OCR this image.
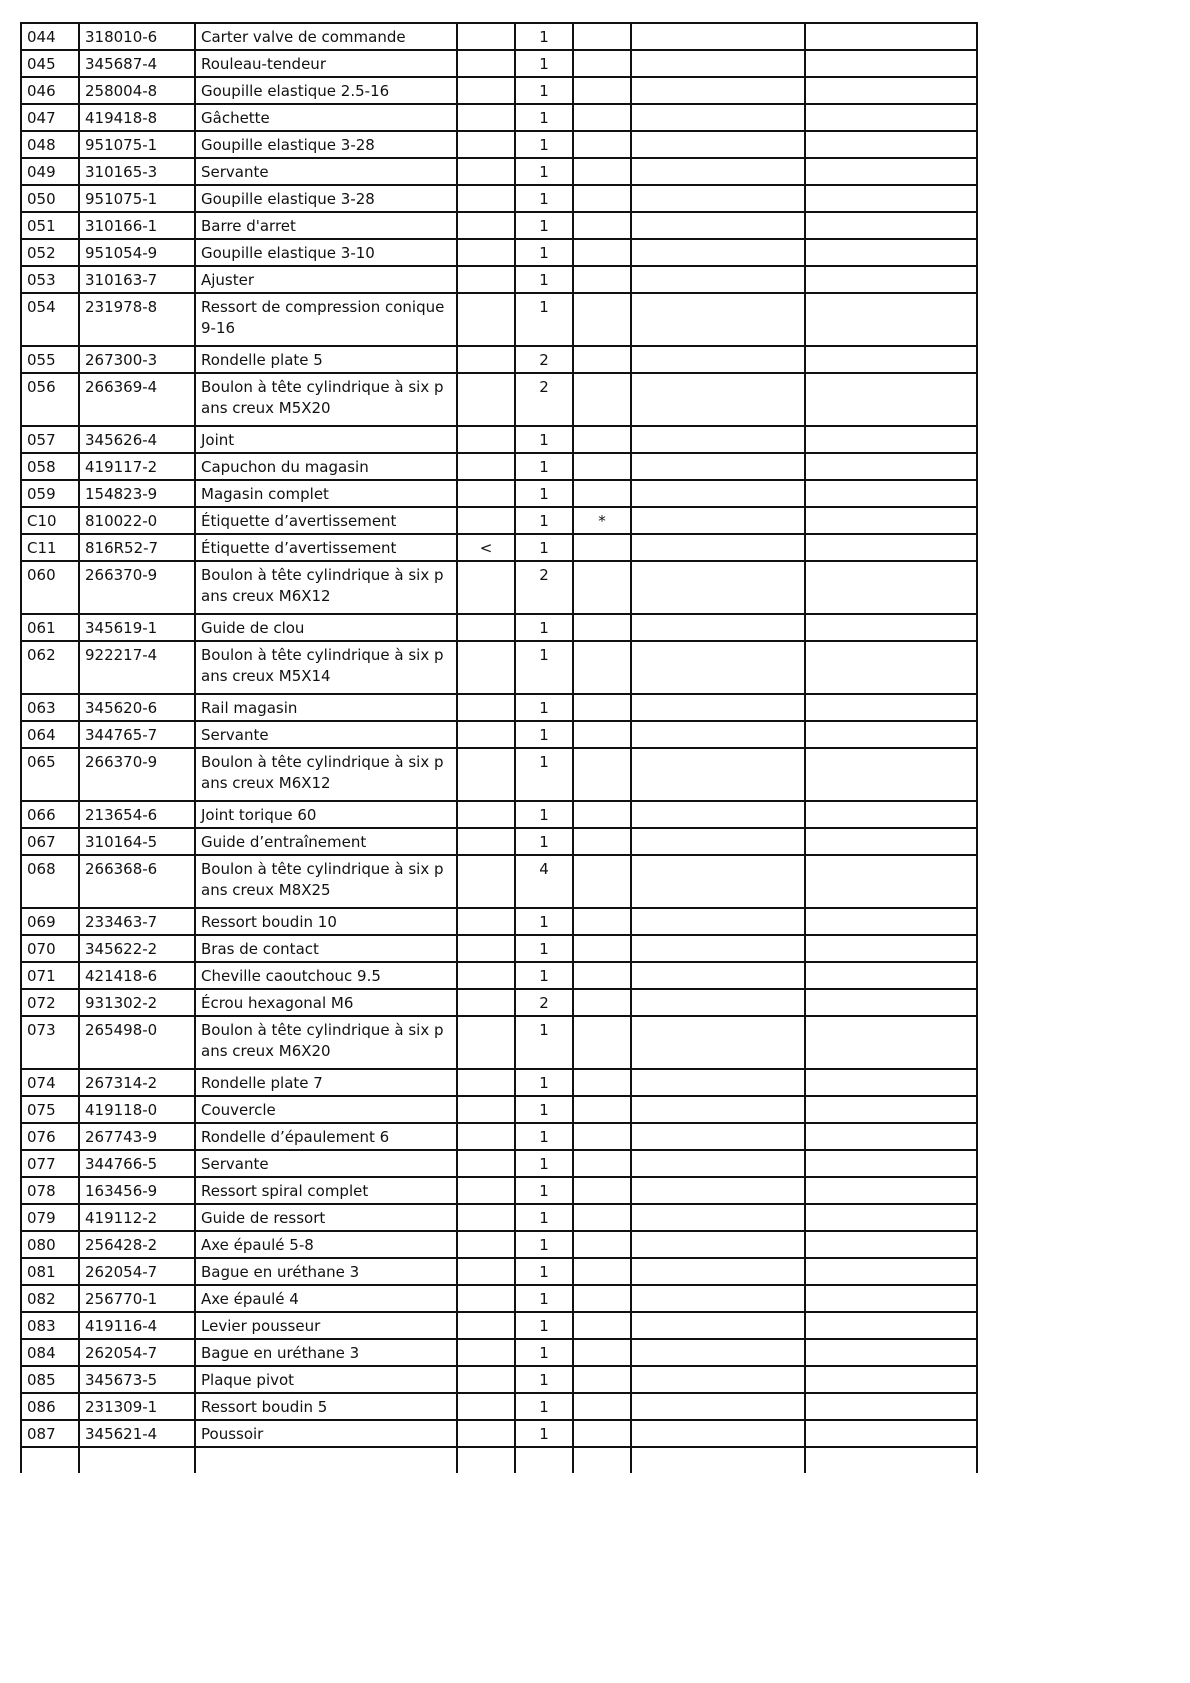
044	318010-6	Carter valve de commande		1			
045	345687-4	Rouleau-tendeur		1			
046	258004-8	Goupille elastique 2.5-16		1			
047	419418-8	Gâchette		1			
048	951075-1	Goupille elastique 3-28		1			
049	310165-3	Servante		1			
050	951075-1	Goupille elastique 3-28		1			
051	310166-1	Barre d'arret		1			
052	951054-9	Goupille elastique 3-10		1			
053	310163-7	Ajuster		1			
054	231978-8	Ressort de compression conique 9-16		1			
055	267300-3	Rondelle plate 5		2			
056	266369-4	Boulon à tête cylindrique à six pans creux M5X20		2			
057	345626-4	Joint		1			
058	419117-2	Capuchon du magasin		1			
059	154823-9	Magasin complet		1			
C10	810022-0	Étiquette d’avertissement		1	*		
C11	816R52-7	Étiquette d’avertissement	<	1			
060	266370-9	Boulon à tête cylindrique à six pans creux M6X12		2			
061	345619-1	Guide de clou		1			
062	922217-4	Boulon à tête cylindrique à six pans creux M5X14		1			
063	345620-6	Rail magasin		1			
064	344765-7	Servante		1			
065	266370-9	Boulon à tête cylindrique à six pans creux M6X12		1			
066	213654-6	Joint torique 60		1			
067	310164-5	Guide d’entraînement		1			
068	266368-6	Boulon à tête cylindrique à six pans creux M8X25		4			
069	233463-7	Ressort boudin 10		1			
070	345622-2	Bras de contact		1			
071	421418-6	Cheville caoutchouc 9.5		1			
072	931302-2	Écrou hexagonal M6		2			
073	265498-0	Boulon à tête cylindrique à six pans creux M6X20		1			
074	267314-2	Rondelle plate 7		1			
075	419118-0	Couvercle		1			
076	267743-9	Rondelle d’épaulement 6		1			
077	344766-5	Servante		1			
078	163456-9	Ressort spiral complet		1			
079	419112-2	Guide de ressort		1			
080	256428-2	Axe épaulé 5-8		1			
081	262054-7	Bague en uréthane 3		1			
082	256770-1	Axe épaulé 4		1			
083	419116-4	Levier pousseur		1			
084	262054-7	Bague en uréthane 3		1			
085	345673-5	Plaque pivot		1			
086	231309-1	Ressort boudin 5		1			
087	345621-4	Poussoir		1			
